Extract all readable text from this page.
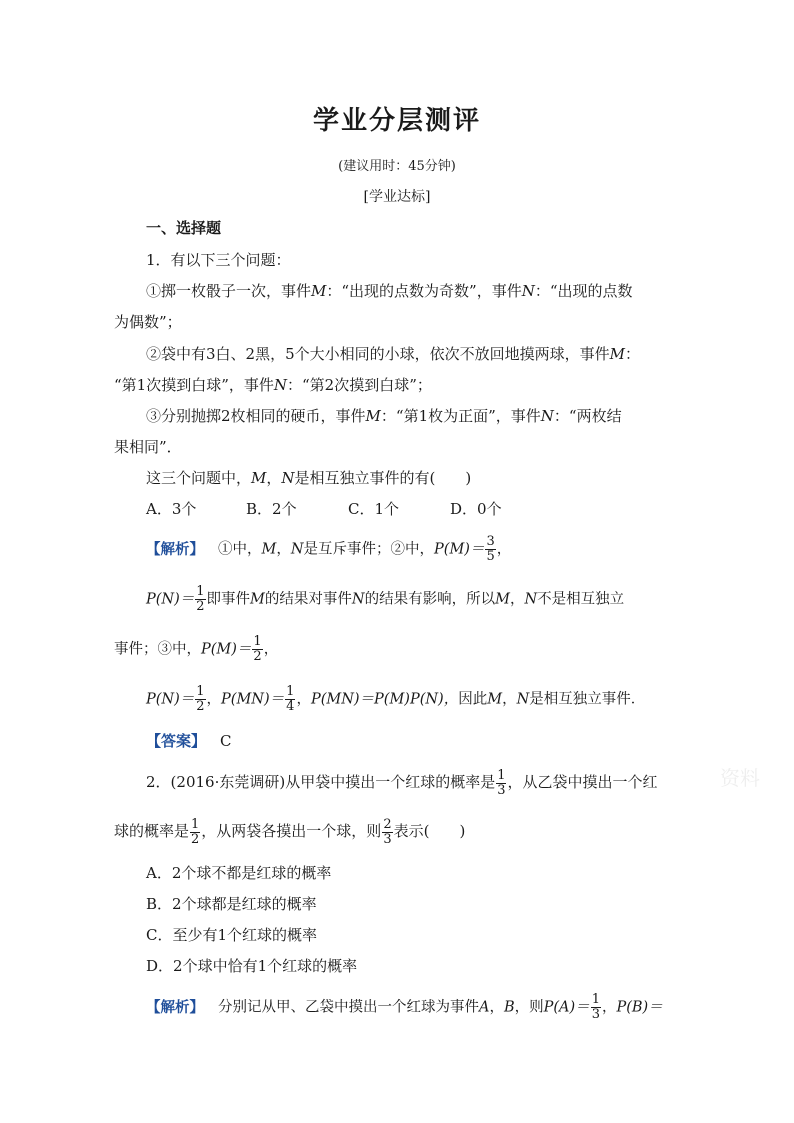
学业分层测评
(建议用时：45分钟)
[学业达标]
一、选择题
1．有以下三个问题：
①掷一枚骰子一次，事件M：“出现的点数为奇数”，事件N：“出现的点数
为偶数”；
②袋中有3白、2黑，5个大小相同的小球，依次不放回地摸两球，事件M：
“第1次摸到白球”，事件N：“第2次摸到白球”；
③分别抛掷2枚相同的硬币，事件M：“第1枚为正面”，事件N：“两枚结
果相同”．
这三个问题中，M，N是相互独立事件的有(　　)
A．3个	B．2个	C．1个	D．0个
【解析】 ①中，M，N是互斥事件；②中，$P(M)= \frac{3}{5}$ ，
$P(N)= \frac{1}{2}$ 即事件M的结果对事件N的结果有影响，所以M，N不是相互独立
事件；③中，$P(M)= \frac{1}{2}$ ，
$P(N)= \frac{1}{2}$ ，$P(MN)= \frac{1}{4}$ ，P(MN)＝P(M)P(N)，因此M，N是相互独立事件．
【答案】 C
2．(2016·东莞调研)从甲袋中摸出一个红球的概率是 $\frac{1}{3}$ ，从乙袋中摸出一个红
球的概率是 $\frac{1}{2}$ ，从两袋各摸出一个球，则 $\frac{2}{3}$ 表示(　　)
A．2个球不都是红球的概率
B．2个球都是红球的概率
C．至少有1个红球的概率
D．2个球中恰有1个红球的概率
【解析】 分别记从甲、乙袋中摸出一个红球为事件A，B，则$P(A)= \frac{1}{3}$ ，P(B)＝
资料
